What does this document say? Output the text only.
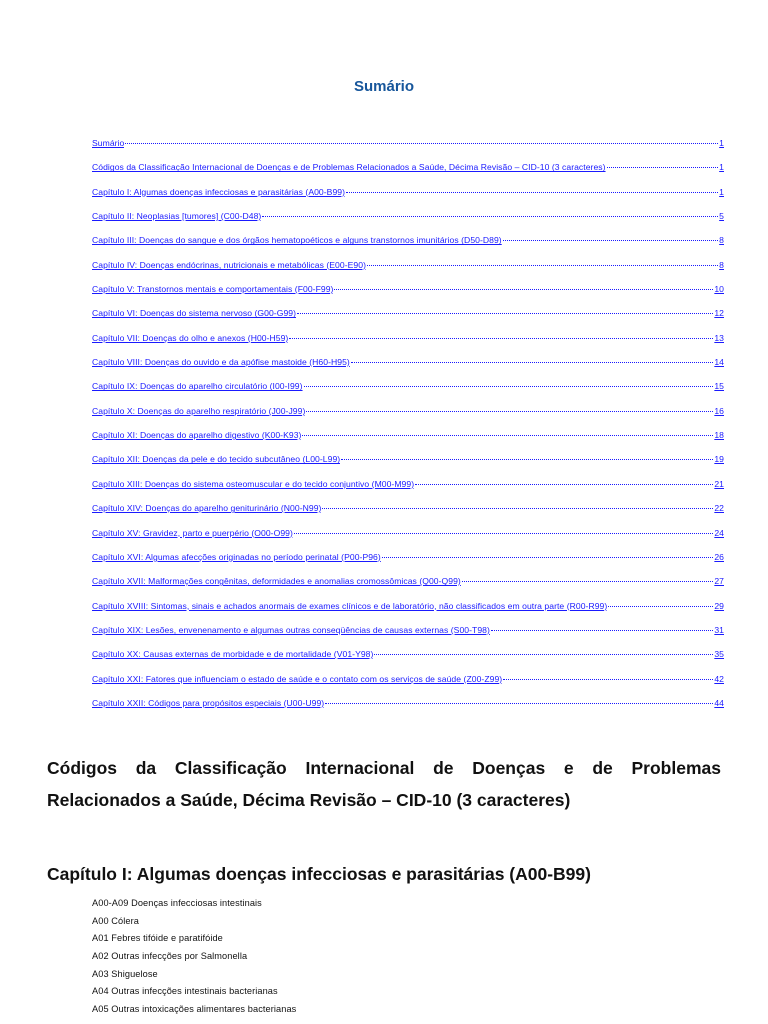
Sumário
Sumário	1
Códigos da Classificação Internacional de Doenças e de Problemas Relacionados a Saúde, Décima Revisão – CID-10 (3 caracteres)	1
Capítulo I: Algumas doenças infecciosas e parasitárias (A00-B99)	1
Capítulo II: Neoplasias [tumores] (C00-D48)	5
Capítulo III: Doenças do sangue e dos órgãos hematopoéticos e alguns transtornos imunitários (D50-D89)	8
Capítulo IV: Doenças endócrinas, nutricionais e metabólicas (E00-E90)	8
Capítulo V: Transtornos mentais e comportamentais (F00-F99)	10
Capítulo VI: Doenças do sistema nervoso (G00-G99)	12
Capítulo VII: Doenças do olho e anexos (H00-H59)	13
Capítulo VIII: Doenças do ouvido e da apófise mastoide (H60-H95)	14
Capítulo IX: Doenças do aparelho circulatório (I00-I99)	15
Capítulo X: Doenças do aparelho respiratório (J00-J99)	16
Capítulo XI: Doenças do aparelho digestivo (K00-K93)	18
Capítulo XII: Doenças da pele e do tecido subcutâneo (L00-L99)	19
Capítulo XIII: Doenças do sistema osteomuscular e do tecido conjuntivo (M00-M99)	21
Capítulo XIV: Doenças do aparelho geniturinário (N00-N99)	22
Capítulo XV: Gravidez, parto e puerpério (O00-O99)	24
Capítulo XVI: Algumas afecções originadas no período perinatal (P00-P96)	26
Capítulo XVII: Malformações congênitas, deformidades e anomalias cromossômicas (Q00-Q99)	27
Capítulo XVIII: Sintomas, sinais e achados anormais de exames clínicos e de laboratório, não classificados em outra parte (R00-R99)	29
Capítulo XIX: Lesões, envenenamento e algumas outras conseqüências de causas externas (S00-T98)	31
Capítulo XX: Causas externas de morbidade e de mortalidade (V01-Y98)	35
Capítulo XXI: Fatores que influenciam o estado de saúde e o contato com os serviços de saúde (Z00-Z99)	42
Capítulo XXII: Códigos para propósitos especiais (U00-U99)	44
Códigos da Classificação Internacional de Doenças e de Problemas Relacionados a Saúde, Décima Revisão – CID-10 (3 caracteres)
Capítulo I: Algumas doenças infecciosas e parasitárias (A00-B99)
A00-A09 Doenças infecciosas intestinais
A00 Cólera
A01 Febres tifóide e paratifóide
A02 Outras infecções por Salmonella
A03 Shiguelose
A04 Outras infecções intestinais bacterianas
A05 Outras intoxicações alimentares bacterianas
